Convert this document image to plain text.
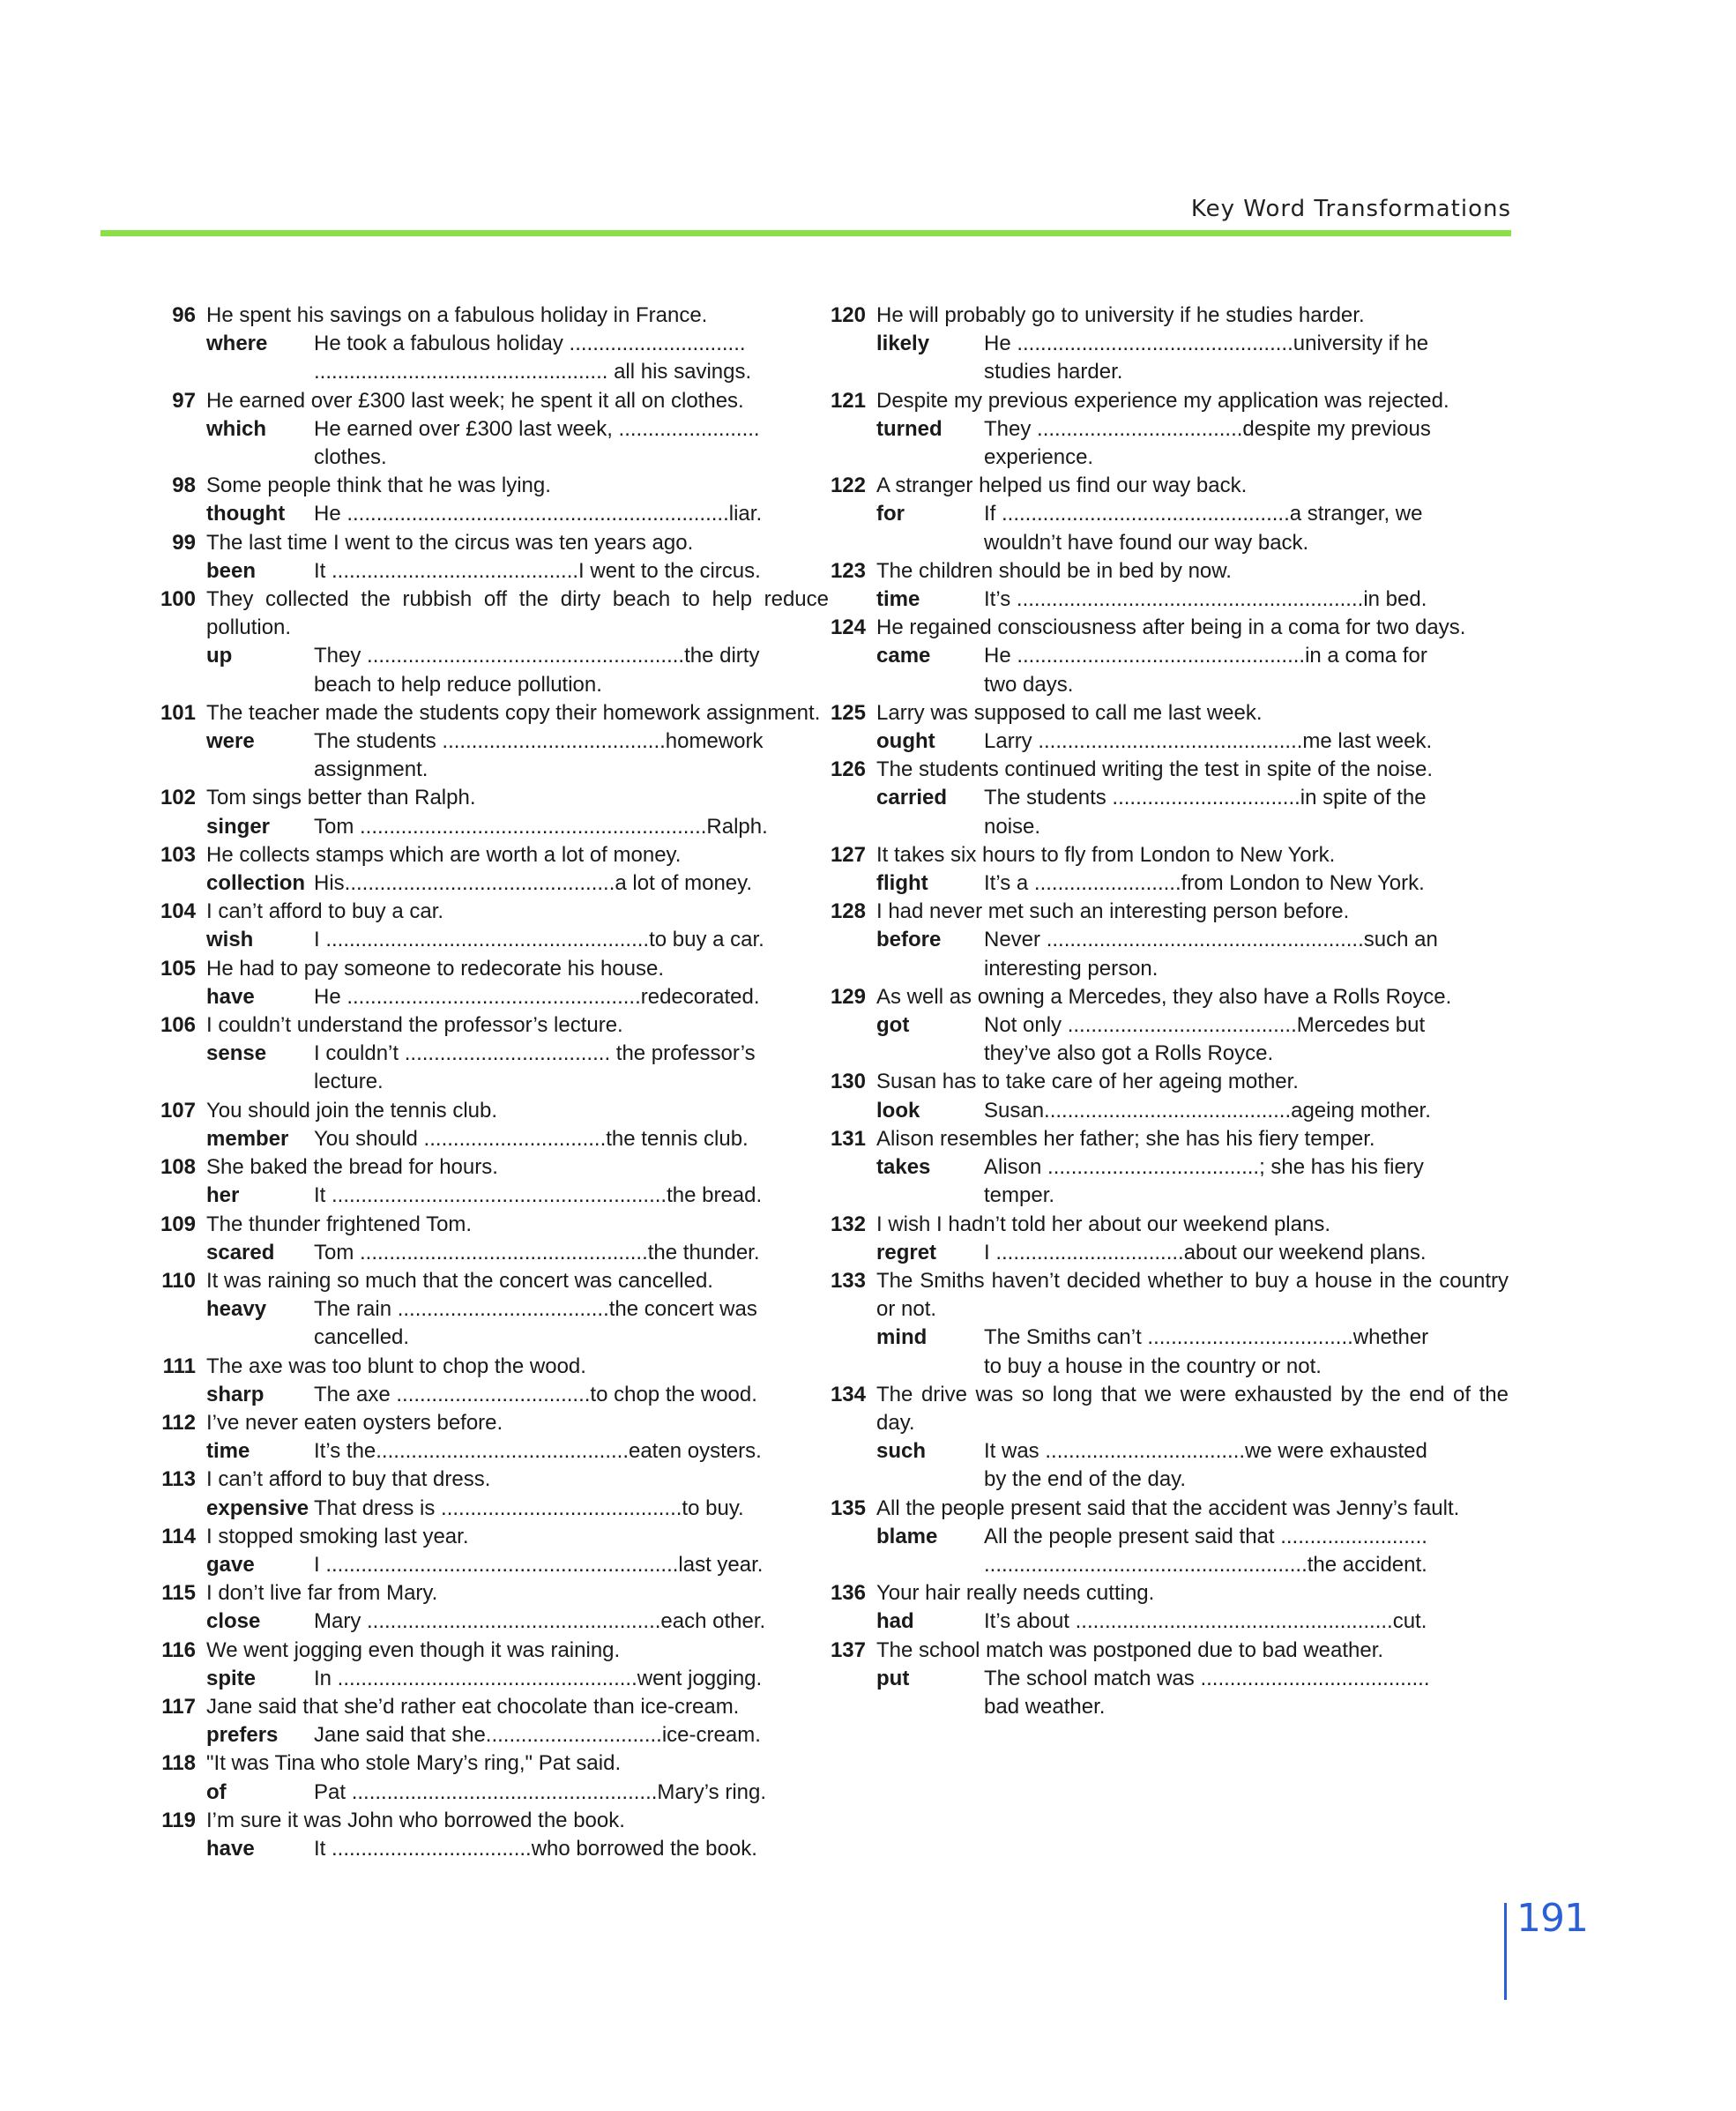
Key Word Transformations
96 He spent his savings on a fabulous holiday in France.
where	He took a fabulous holiday ..............................
.................................................. all his savings.
97 He earned over £300 last week; he spent it all on clothes.
which	He earned over £300 last week, ........................
clothes.
98 Some people think that he was lying.
thought	He .................................................................liar.
99 The last time I went to the circus was ten years ago.
been	It ..........................................I went to the circus.
100 They collected the rubbish off the dirty beach to help reduce pollution.
up	They ......................................................the dirty
beach to help reduce pollution.
101 The teacher made the students copy their homework assignment.
were	The students ......................................homework
assignment.
102 Tom sings better than Ralph.
singer	Tom ...........................................................Ralph.
103 He collects stamps which are worth a lot of money.
collection His..............................................a lot of money.
104 I can’t afford to buy a car.
wish	I .......................................................to buy a car.
105 He had to pay someone to redecorate his house.
have	He ..................................................redecorated.
106 I couldn’t understand the professor’s lecture.
sense	I couldn’t ................................... the professor’s
lecture.
107 You should join the tennis club.
member	You should ...............................the tennis club.
108 She baked the bread for hours.
her	It .........................................................the bread.
109 The thunder frightened Tom.
scared	Tom .................................................the thunder.
110 It was raining so much that the concert was cancelled.
heavy	The rain ....................................the concert was
cancelled.
111 The axe was too blunt to chop the wood.
sharp	The axe .................................to chop the wood.
112 I’ve never eaten oysters before.
time	It’s the...........................................eaten oysters.
113 I can’t afford to buy that dress.
expensive That dress is .........................................to buy.
114 I stopped smoking last year.
gave	I ............................................................last year.
115 I don’t live far from Mary.
close	Mary ..................................................each other.
116 We went jogging even though it was raining.
spite	In ...................................................went jogging.
117 Jane said that she’d rather eat chocolate than ice-cream.
prefers	Jane said that she..............................ice-cream.
118 "It was Tina who stole Mary’s ring," Pat said.
of	Pat ....................................................Mary’s ring.
119 I’m sure it was John who borrowed the book.
have	It ..................................who borrowed the book.
120 He will probably go to university if he studies harder.
likely	He ...............................................university if he
studies harder.
121 Despite my previous experience my application was rejected.
turned	They ...................................despite my previous
experience.
122 A stranger helped us find our way back.
for	If .................................................a stranger, we
wouldn’t have found our way back.
123 The children should be in bed by now.
time	It’s ...........................................................in bed.
124 He regained consciousness after being in a coma for two days.
came	He .................................................in a coma for
two days.
125 Larry was supposed to call me last week.
ought	Larry .............................................me last week.
126 The students continued writing the test in spite of the noise.
carried	The students ................................in spite of the
noise.
127 It takes six hours to fly from London to New York.
flight	It’s a .........................from London to New York.
128 I had never met such an interesting person before.
before	Never ......................................................such an
interesting person.
129 As well as owning a Mercedes, they also have a Rolls Royce.
got	Not only .......................................Mercedes but
they’ve also got a Rolls Royce.
130 Susan has to take care of her ageing mother.
look	Susan..........................................ageing mother.
131 Alison resembles her father; she has his fiery temper.
takes	Alison ....................................; she has his fiery
temper.
132 I wish I hadn’t told her about our weekend plans.
regret	I ................................about our weekend plans.
133 The Smiths haven’t decided whether to buy a house in the country or not.
mind	The Smiths can’t ...................................whether
to buy a house in the country or not.
134 The drive was so long that we were exhausted by the end of the day.
such	It was ..................................we were exhausted
by the end of the day.
135 All the people present said that the accident was Jenny’s fault.
blame	All the people present said that .........................
.......................................................the accident.
136 Your hair really needs cutting.
had	It’s about ......................................................cut.
137 The school match was postponed due to bad weather.
put	The school match was .......................................
bad weather.
191
